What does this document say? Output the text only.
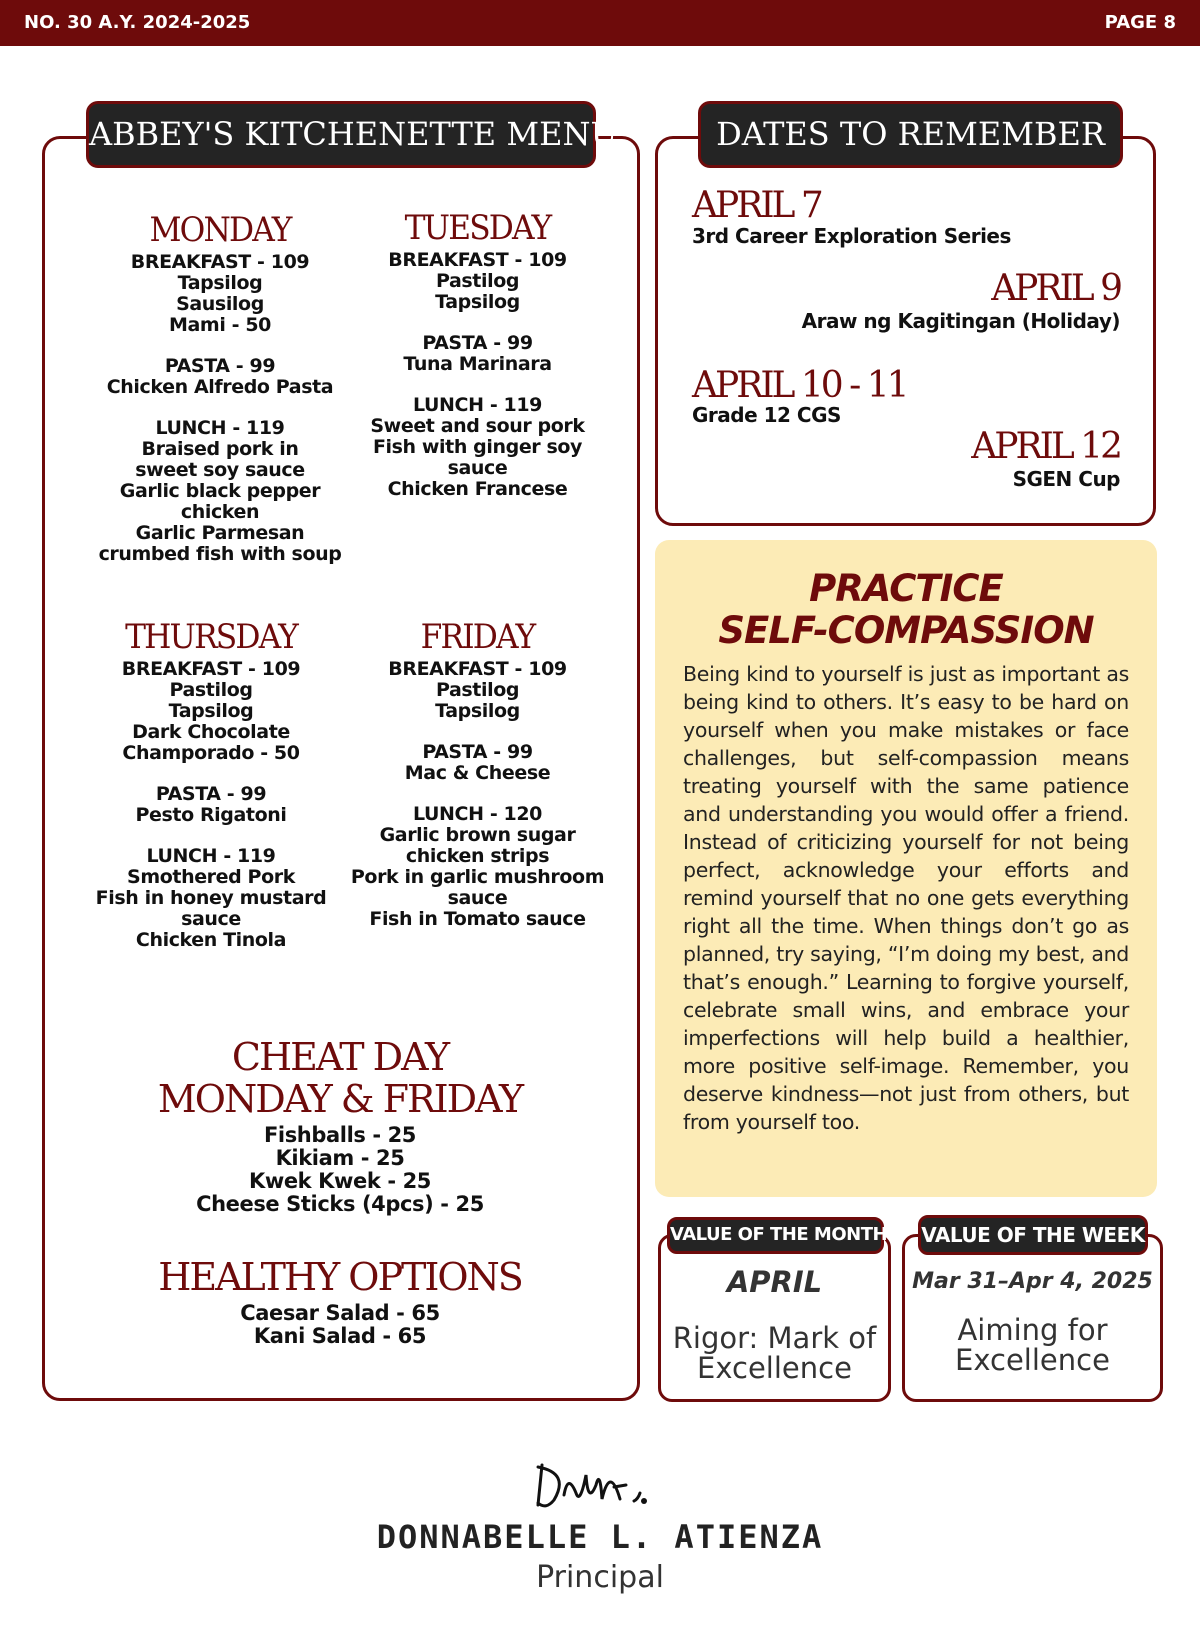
NO. 30 A.Y. 2024-2025	PAGE 8
ABBEY'S KITCHENETTE MENU
MONDAY
BREAKFAST - 109
Tapsilog
Sausilog
Mami - 50
PASTA - 99
Chicken Alfredo Pasta
LUNCH - 119
Braised pork in
sweet soy sauce
Garlic black pepper chicken
Garlic Parmesan
crumbed fish with soup
TUESDAY
BREAKFAST - 109
Pastilog
Tapsilog
PASTA - 99
Tuna Marinara
LUNCH - 119
Sweet and sour pork
Fish with ginger soy sauce
Chicken Francese
THURSDAY
BREAKFAST - 109
Pastilog
Tapsilog
Dark Chocolate
Champorado - 50
PASTA - 99
Pesto Rigatoni
LUNCH - 119
Smothered Pork
Fish in honey mustard
sauce
Chicken Tinola
FRIDAY
BREAKFAST - 109
Pastilog
Tapsilog
PASTA - 99
Mac & Cheese
LUNCH - 120
Garlic brown sugar
chicken strips
Pork in garlic mushroom
sauce
Fish in Tomato sauce
CHEAT DAY
MONDAY & FRIDAY
Fishballs - 25
Kikiam - 25
Kwek Kwek - 25
Cheese Sticks (4pcs) - 25
HEALTHY OPTIONS
Caesar Salad - 65
Kani Salad - 65
DATES TO REMEMBER
APRIL 7
3rd Career Exploration Series
APRIL 9
Araw ng Kagitingan (Holiday)
APRIL 10 - 11
Grade 12 CGS
APRIL 12
SGEN Cup
PRACTICE
SELF-COMPASSION

Being kind to yourself is just as important as being kind to others. It’s easy to be hard on yourself when you make mistakes or face challenges, but self-compassion means treating yourself with the same patience and understanding you would offer a friend. Instead of criticizing yourself for not being perfect, acknowledge your efforts and remind yourself that no one gets everything right all the time. When things don’t go as planned, try saying, “I’m doing my best, and that’s enough.” Learning to forgive yourself, celebrate small wins, and embrace your imperfections will help build a healthier, more positive self-image. Remember, you deserve kindness—not just from others, but from yourself too.

APRIL
Rigor: Mark of
Excellence
VALUE OF THE MONTH
Mar 31–Apr 4, 2025
Aiming for
Excellence
VALUE OF THE WEEK
DONNABELLE L. ATIENZA
Principal
